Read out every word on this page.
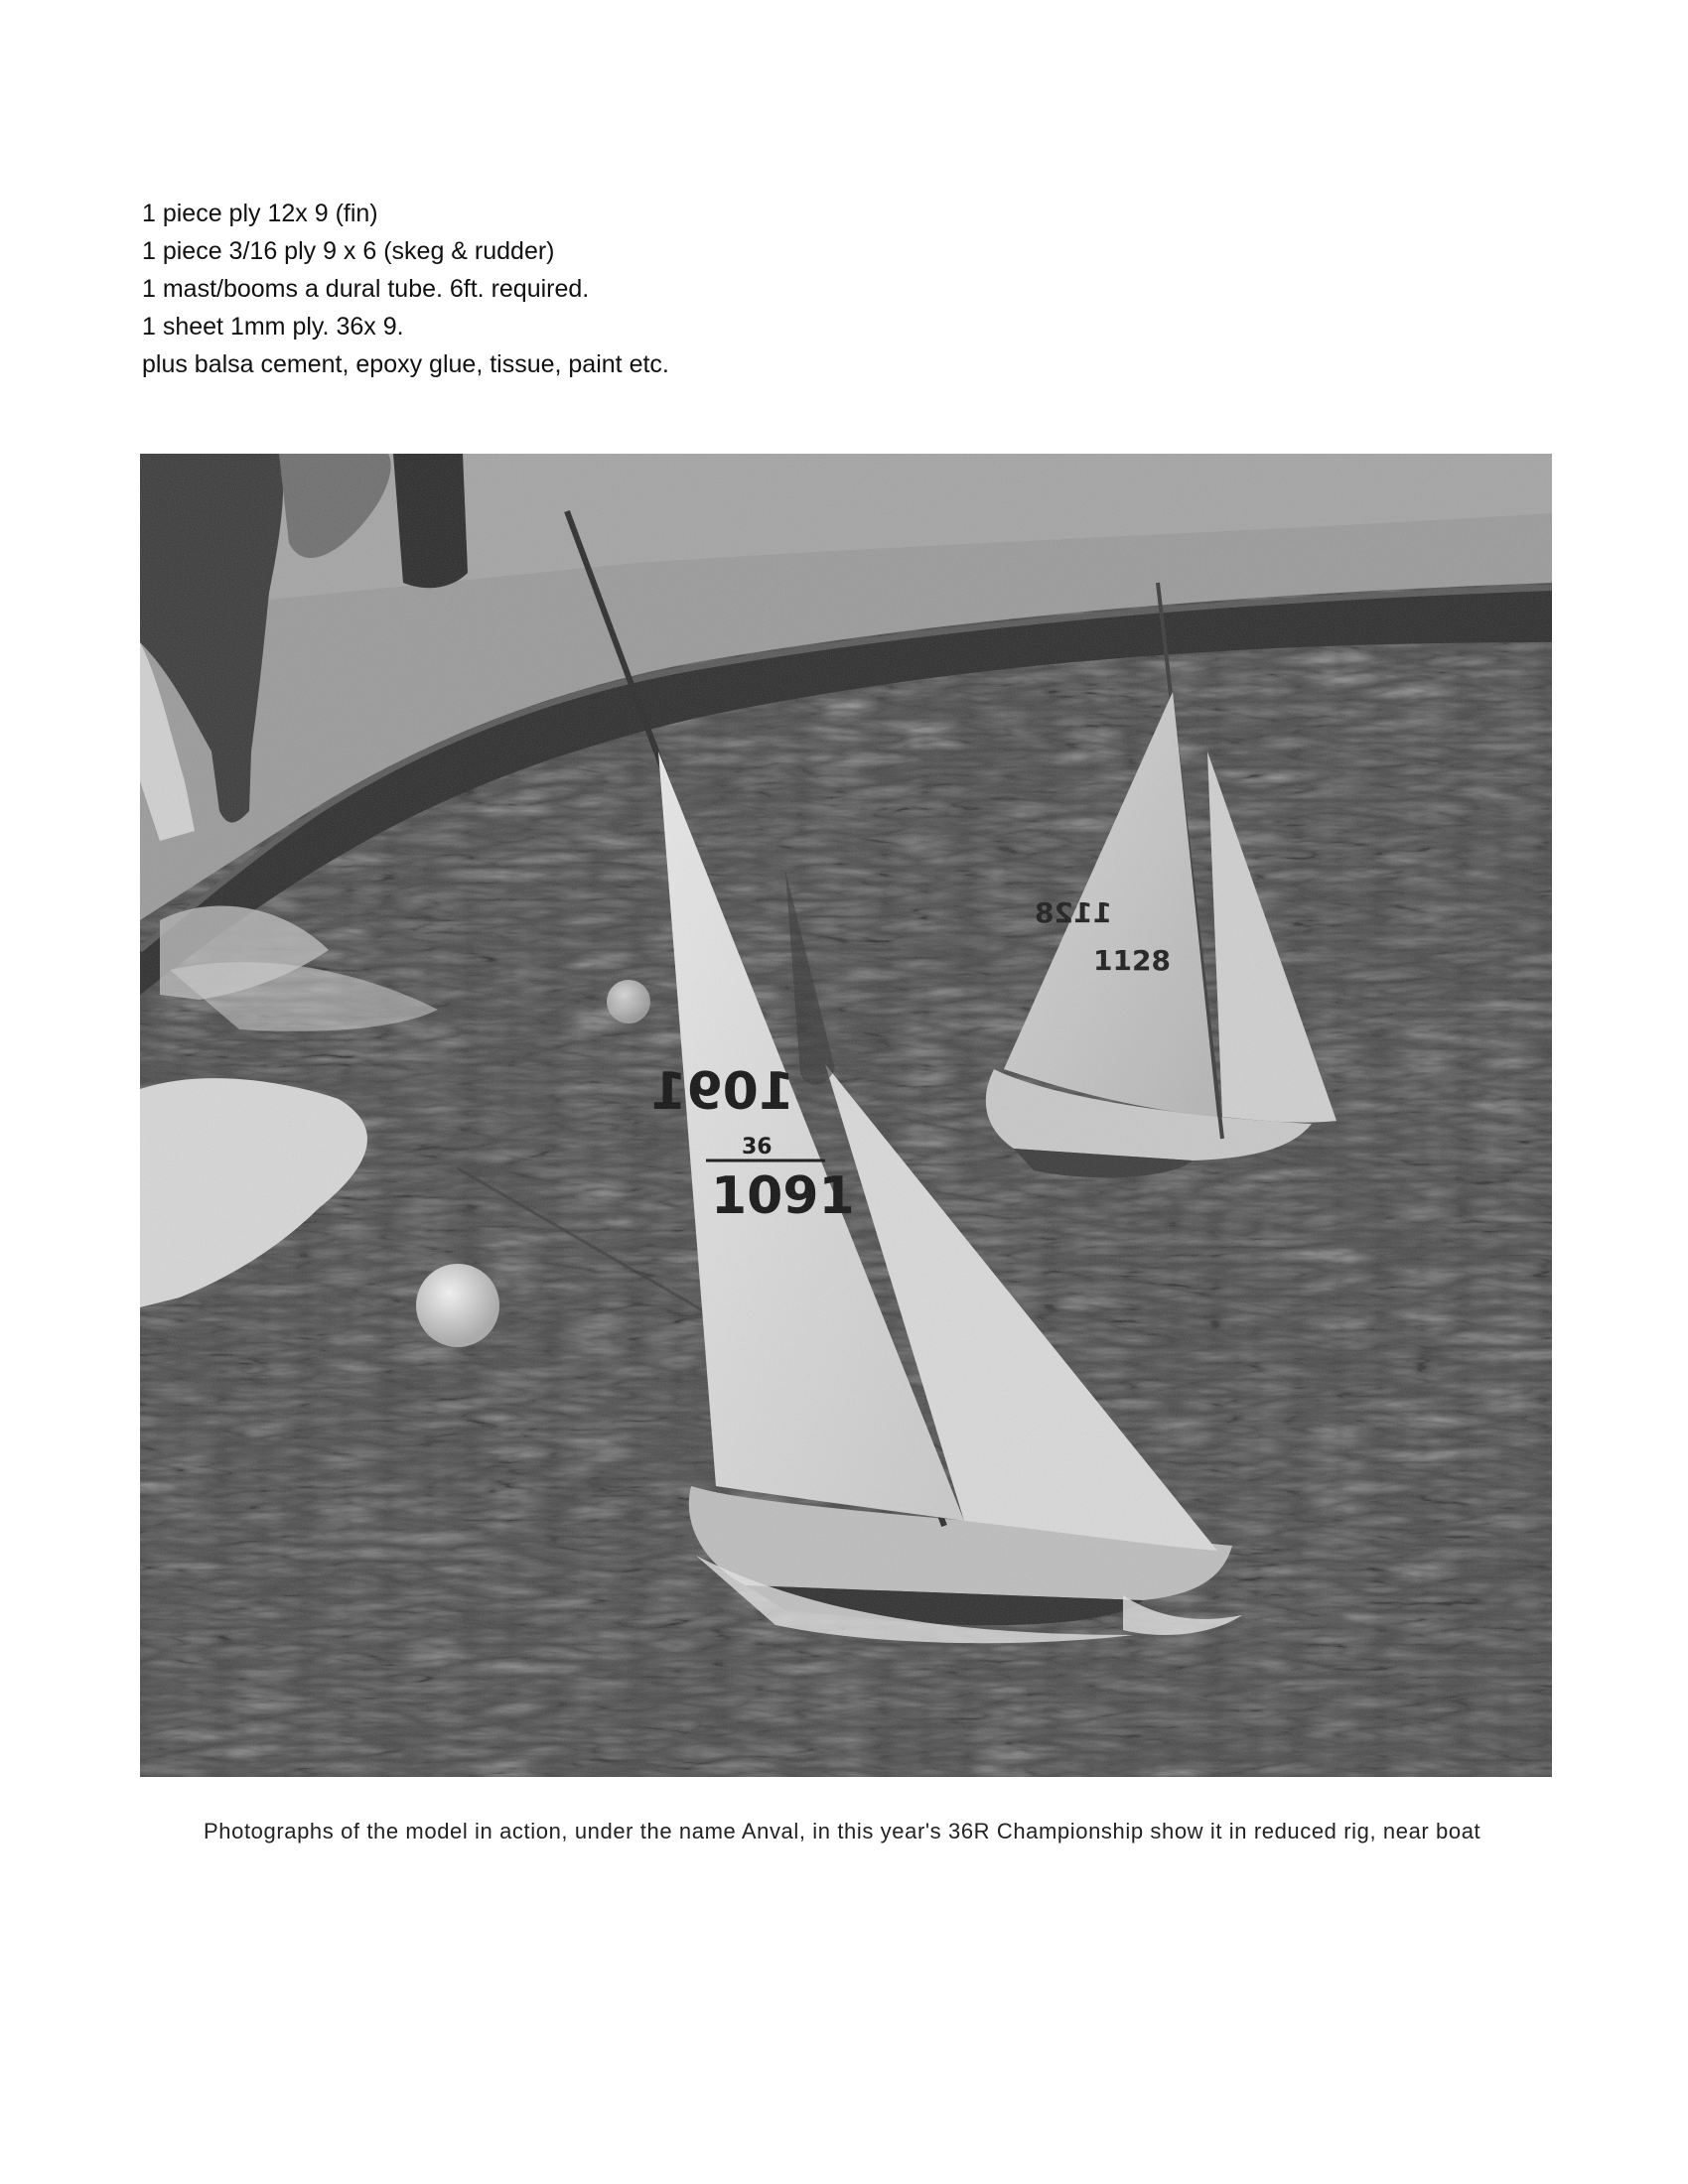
1 piece ply 12x 9 (fin)
1 piece 3/16 ply 9 x 6 (skeg & rudder)
1 mast/booms a dural tube. 6ft. required.
1 sheet 1mm ply. 36x 9.
plus balsa cement, epoxy glue, tissue, paint etc.
Photographs of the model in action, under the name Anval, in this year's 36R Championship show it in reduced rig, near boat
